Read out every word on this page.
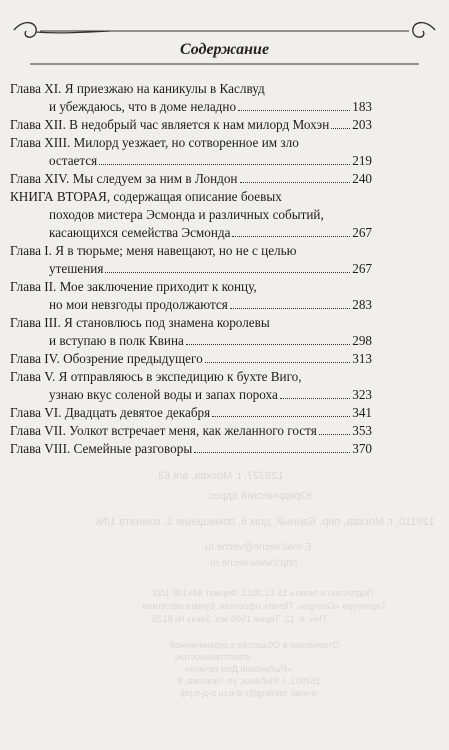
Содержание
129327, г. Москва, а/я 63.
Юридический адрес:
129110, г. Москва, пер. Банный, дом 6, помещение 1, комната 1/№
E-mail:veche@veche.ru
http://www.veche.ru
Подписано в печать 15.12.2021. Формат 84×108 1/32.
Гарнитура «Georgia». Печать офсетная. Бумага офсетная.
Печ. л. 12. Тираж 1500 экз. Заказ № 8125.
Отпечатано в Обществе с ограниченной
ответственностью
«Рыбинский Дом печати»
152901, г. Рыбинск, ул. Чкалова, 8.
e-mail: printing@r-d-p.ru р-д-п.рф
Глава XI. Я приезжаю на каникулы в Каслвуд
и убеждаюсь, что в доме неладно	183
Глава XII. В недобрый час является к нам милорд Мохэн 203
Глава XIII. Милорд уезжает, но сотворенное им зло
остается	219
Глава XIV. Мы следуем за ним в Лондон	240
КНИГА ВТОРАЯ, содержащая описание боевых
походов мистера Эсмонда и различных событий,
касающихся семейства Эсмонда	267
Глава I. Я в тюрьме; меня навещают, но не с целью
утешения	267
Глава II. Мое заключение приходит к концу,
но мои невзгоды продолжаются	283
Глава III. Я становлюсь под знамена королевы
и вступаю в полк Квина	298
Глава IV. Обозрение предыдущего	313
Глава V. Я отправляюсь в экспедицию к бухте Виго,
узнаю вкус соленой воды и запах пороха	323
Глава VI. Двадцать девятое декабря	341
Глава VII. Уолкот встречает меня, как желанного гостя	353
Глава VIII. Семейные разговоры	370
